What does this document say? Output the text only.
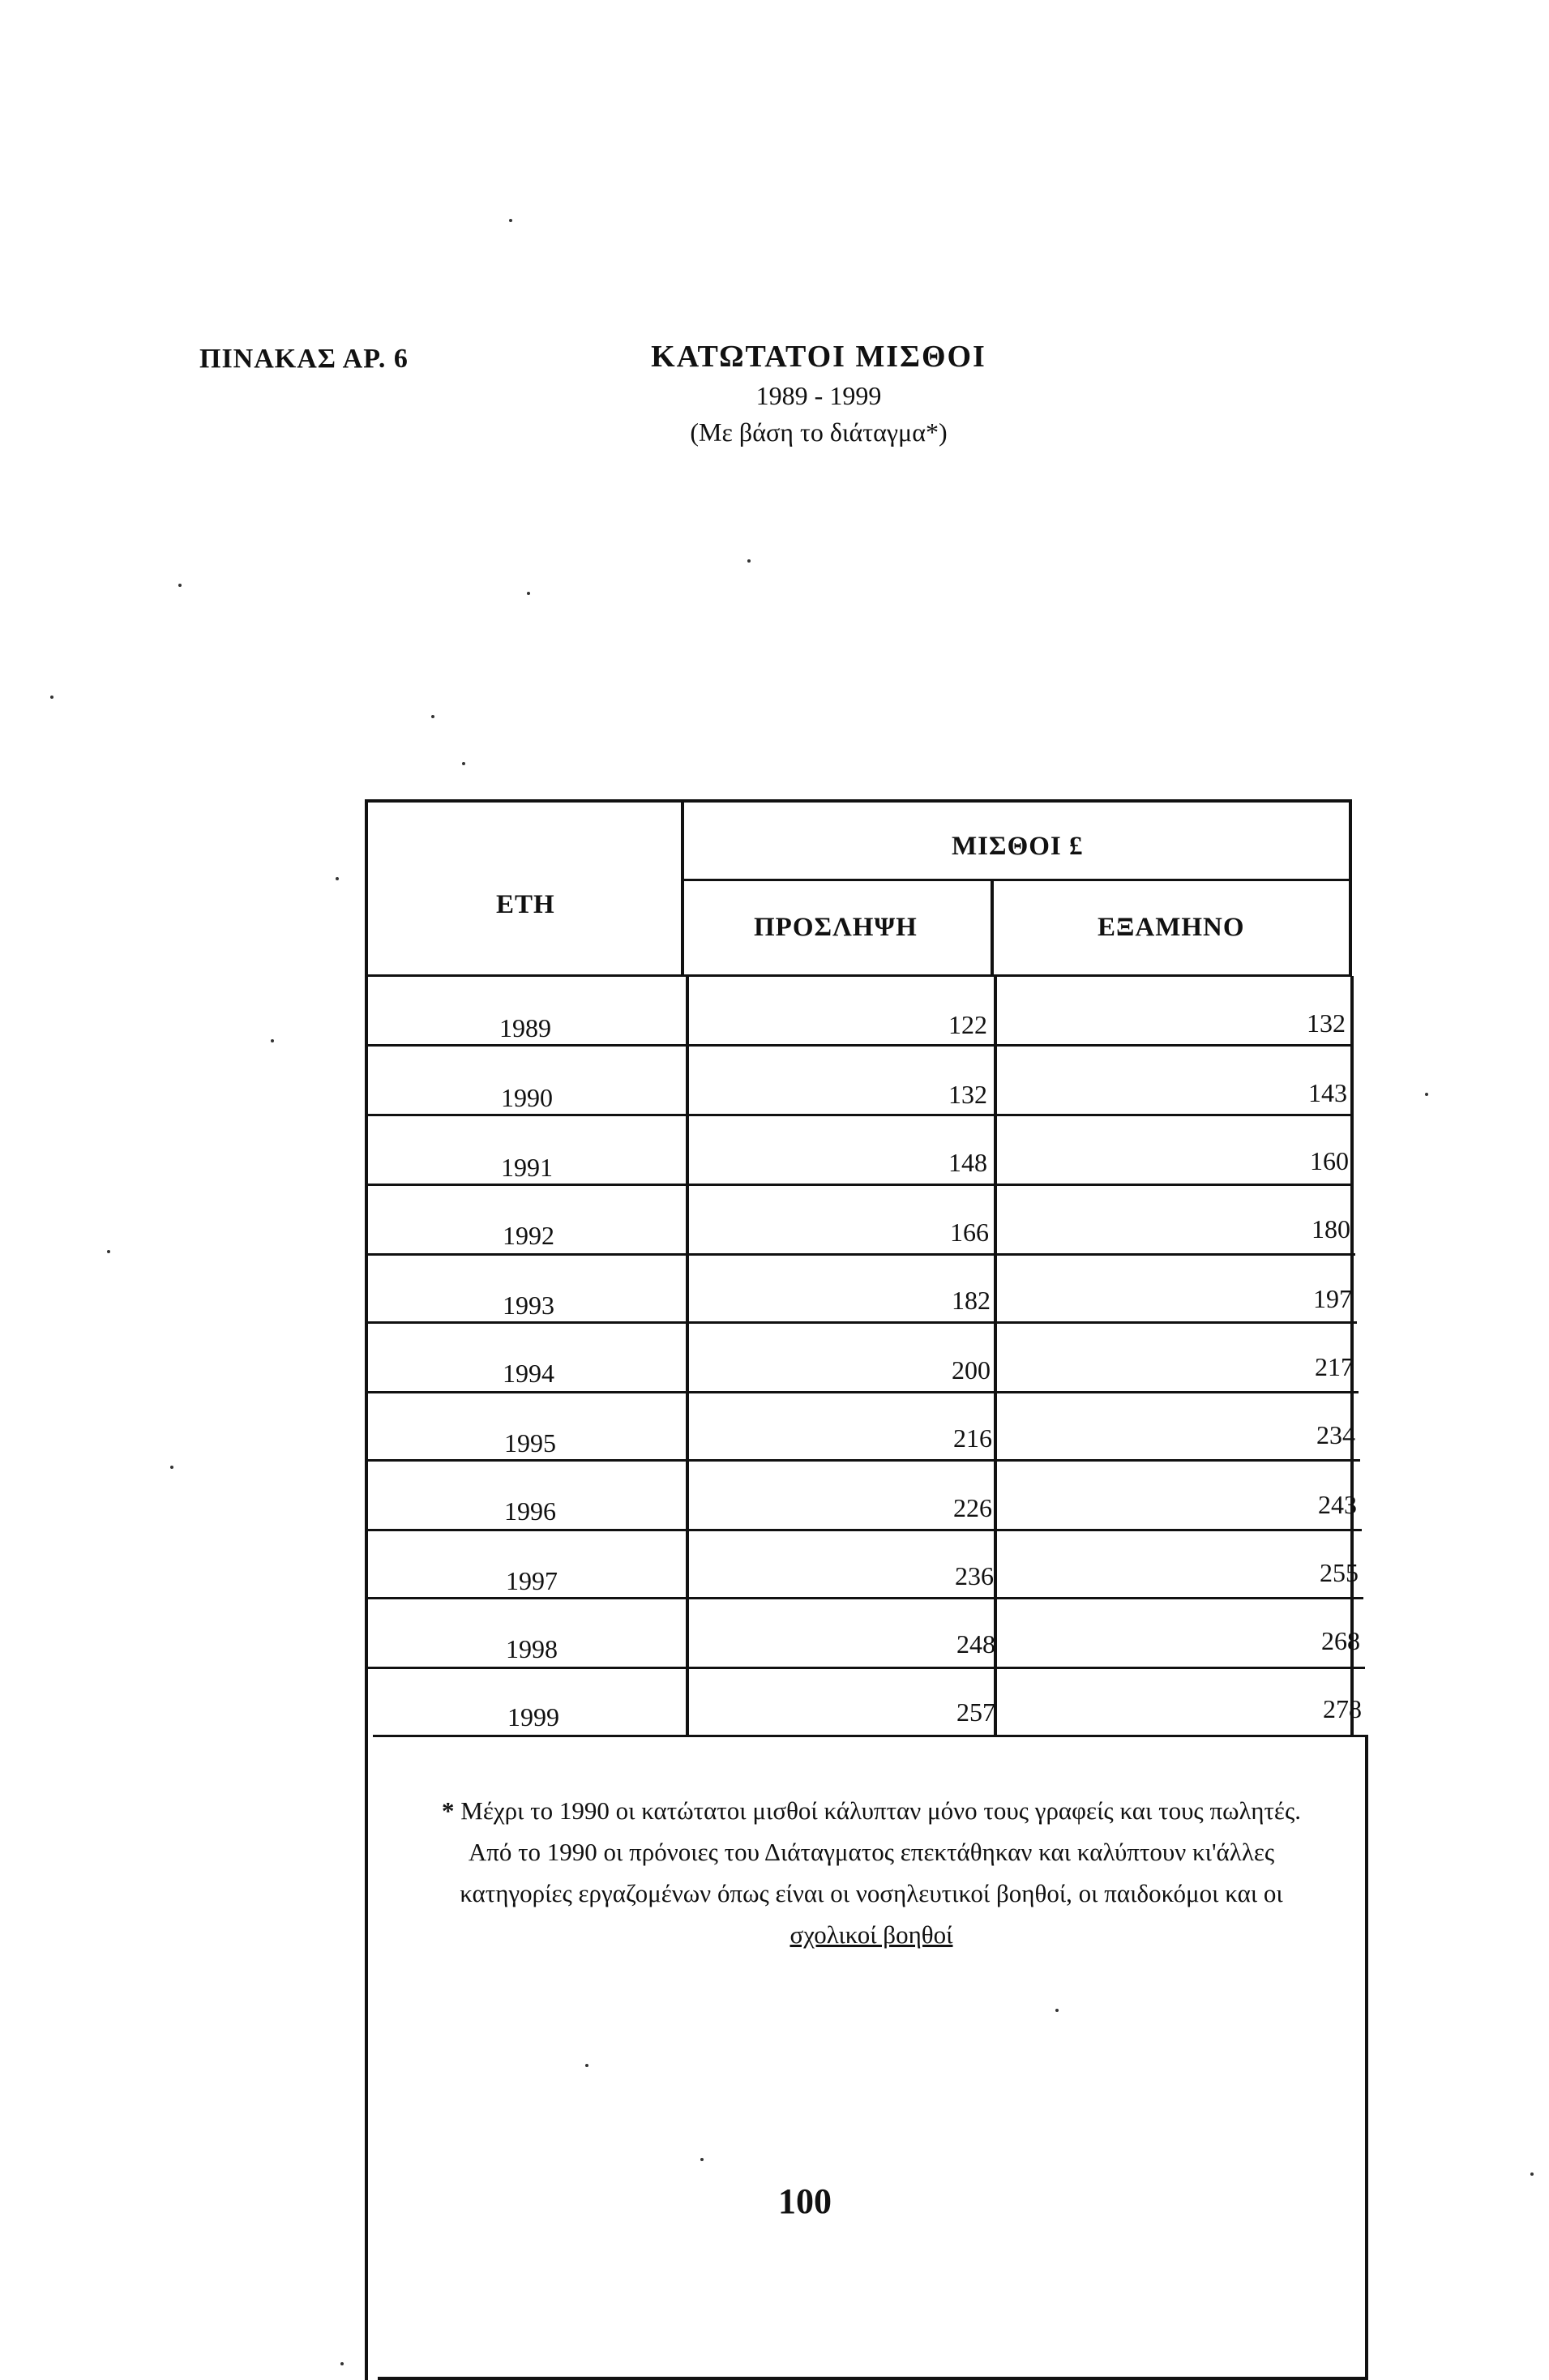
ΠΙΝΑΚΑΣ ΑΡ. 6	ΚΑΤΩΤΑΤΟΙ ΜΙΣΘΟΙ
1989 - 1999
(Με βάση το διάταγμα*)
ΕΤΗ
ΜΙΣΘΟΙ £
ΠΡΟΣΛΗΨΗ	ΕΞΑΜΗΝΟ
1989	122	132
1990	132	143
1991	148	160
1992	166	180
1993	182	197
1994	200	217
1995	216	234
1996	226	243
1997	236	255
1998	248	268
1999	257	278
* Μέχρι το 1990 οι κατώτατοι μισθοί κάλυπταν μόνο τους γραφείς και τους πωλητές.
Από το 1990 οι πρόνοιες του Διάταγματος επεκτάθηκαν και καλύπτουν κι'άλλες
κατηγορίες εργαζομένων όπως είναι οι νοσηλευτικοί βοηθοί, οι παιδοκόμοι και οι
σχολικοί βοηθοί
100
